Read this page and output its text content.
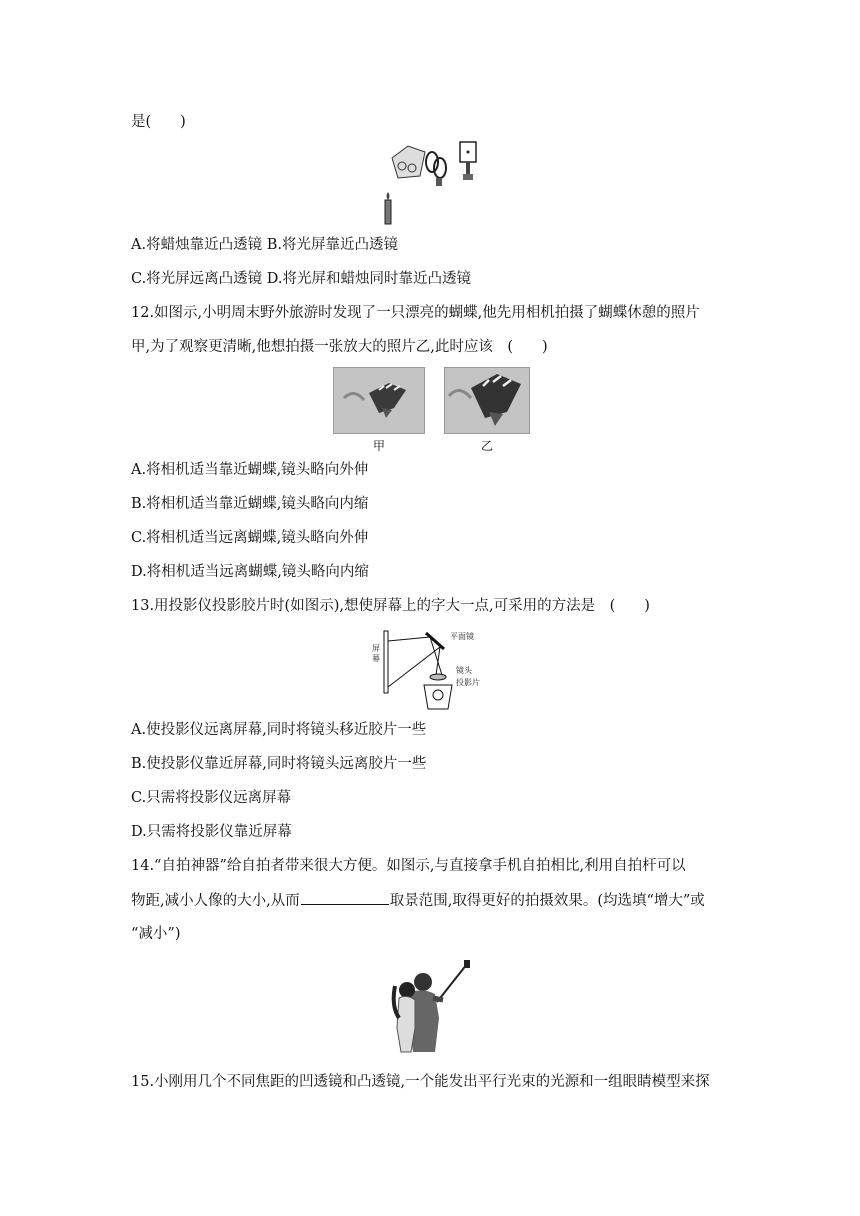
是(　　)
A.将蜡烛靠近凸透镜 B.将光屏靠近凸透镜
C.将光屏远离凸透镜 D.将光屏和蜡烛同时靠近凸透镜
12.如图示,小明周末野外旅游时发现了一只漂亮的蝴蝶,他先用相机拍摄了蝴蝶休憩的照片
甲,为了观察更清晰,他想拍摄一张放大的照片乙,此时应该　(　　)
甲	乙
A.将相机适当靠近蝴蝶,镜头略向外伸
B.将相机适当靠近蝴蝶,镜头略向内缩
C.将相机适当远离蝴蝶,镜头略向外伸
D.将相机适当远离蝴蝶,镜头略向内缩
13.用投影仪投影胶片时(如图示),想使屏幕上的字大一点,可采用的方法是　(　　)
屏
幕
平面镜
镜头
投影片
A.使投影仪远离屏幕,同时将镜头移近胶片一些
B.使投影仪靠近屏幕,同时将镜头远离胶片一些
C.只需将投影仪远离屏幕
D.只需将投影仪靠近屏幕
14.“自拍神器”给自拍者带来很大方便。如图示,与直接拿手机自拍相比,利用自拍杆可以
物距,减小人像的大小,从而	取景范围,取得更好的拍摄效果。(均选填“增大”或
“减小”)
15.小刚用几个不同焦距的凹透镜和凸透镜,一个能发出平行光束的光源和一组眼睛模型来探
